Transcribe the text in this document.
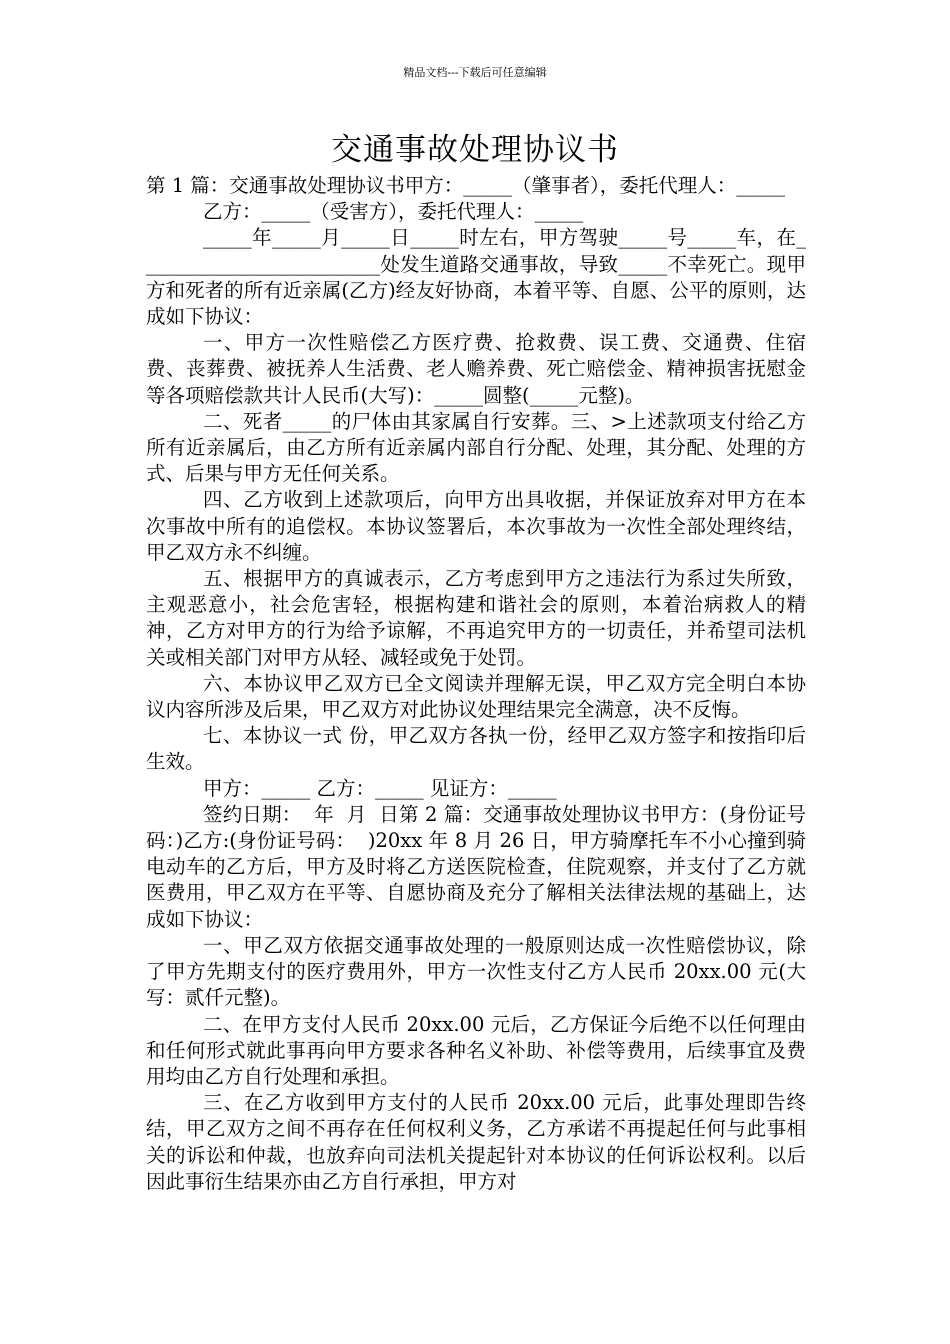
精品文档---下载后可任意编辑
交通事故处理协议书

第 1 篇：交通事故处理协议书甲方：_____（肇事者），委托代理人：_____

乙方：_____（受害方），委托代理人：_____

_____年_____月_____日_____时左右，甲方驾驶_____号_____车，在_________________________处发生道路交通事故，导致_____不幸死亡。现甲方和死者的所有近亲属(乙方)经友好协商，本着平等、自愿、公平的原则，达成如下协议：

一、甲方一次性赔偿乙方医疗费、抢救费、误工费、交通费、住宿费、丧葬费、被抚养人生活费、老人赡养费、死亡赔偿金、精神损害抚慰金等各项赔偿款共计人民币(大写)：_____圆整(_____元整)。

二、死者_____的尸体由其家属自行安葬。三、>上述款项支付给乙方所有近亲属后，由乙方所有近亲属内部自行分配、处理，其分配、处理的方式、后果与甲方无任何关系。

四、乙方收到上述款项后，向甲方出具收据，并保证放弃对甲方在本次事故中所有的追偿权。本协议签署后，本次事故为一次性全部处理终结，甲乙双方永不纠缠。

五、根据甲方的真诚表示，乙方考虑到甲方之违法行为系过失所致，主观恶意小，社会危害轻，根据构建和谐社会的原则，本着治病救人的精神，乙方对甲方的行为给予谅解，不再追究甲方的一切责任，并希望司法机关或相关部门对甲方从轻、减轻或免于处罚。

六、本协议甲乙双方已全文阅读并理解无误，甲乙双方完全明白本协议内容所涉及后果，甲乙双方对此协议处理结果完全满意，决不反悔。

七、本协议一式 份，甲乙双方各执一份，经甲乙双方签字和按指印后生效。

甲方：_____ 乙方：_____ 见证方：_____

签约日期：  年  月  日第 2 篇：交通事故处理协议书甲方：(身份证号码：)乙方:(身份证号码：  )20xx 年 8 月 26 日，甲方骑摩托车不小心撞到骑电动车的乙方后，甲方及时将乙方送医院检查，住院观察，并支付了乙方就医费用，甲乙双方在平等、自愿协商及充分了解相关法律法规的基础上，达成如下协议：

一、甲乙双方依据交通事故处理的一般原则达成一次性赔偿协议，除了甲方先期支付的医疗费用外，甲方一次性支付乙方人民币 20xx.00 元(大写：贰仟元整)。

二、在甲方支付人民币 20xx.00 元后，乙方保证今后绝不以任何理由和任何形式就此事再向甲方要求各种名义补助、补偿等费用，后续事宜及费用均由乙方自行处理和承担。

三、在乙方收到甲方支付的人民币 20xx.00 元后，此事处理即告终结，甲乙双方之间不再存在任何权利义务，乙方承诺不再提起任何与此事相关的诉讼和仲裁，也放弃向司法机关提起针对本协议的任何诉讼权利。以后因此事衍生结果亦由乙方自行承担，甲方对
